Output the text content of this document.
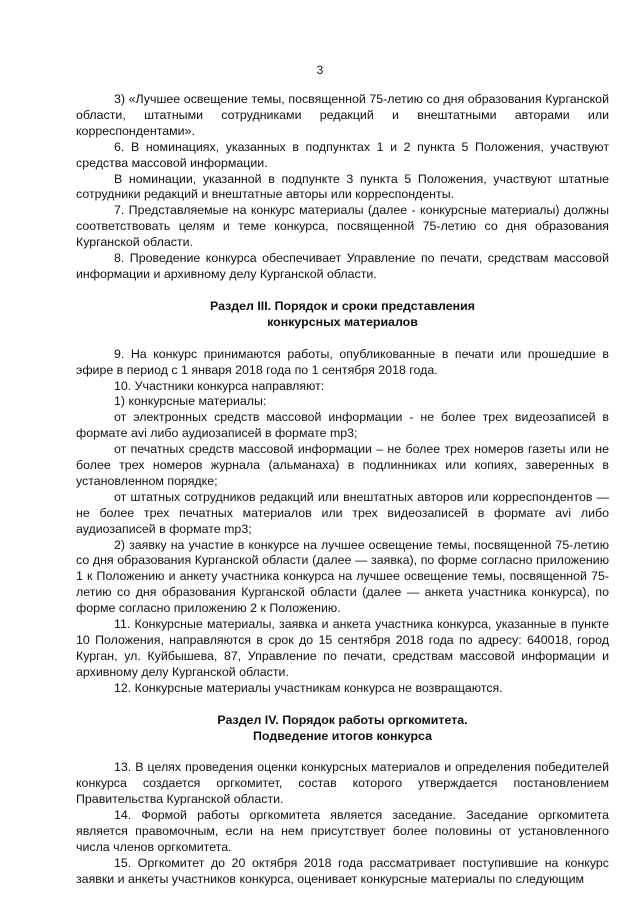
3

3) «Лучшее освещение темы, посвященной 75-летию со дня образования Курганской области, штатными сотрудниками редакций и внештатными авторами или корреспондентами».

6. В номинациях, указанных в подпунктах 1 и 2 пункта 5 Положения, участвуют средства массовой информации.

В номинации, указанной в подпункте 3 пункта 5 Положения, участвуют штатные сотрудники редакций и внештатные авторы или корреспонденты.

7. Представляемые на конкурс материалы (далее - конкурсные материалы) должны соответствовать целям и теме конкурса, посвященной 75-летию со дня образования Курганской области.

8. Проведение конкурса обеспечивает Управление по печати, средствам массовой информации и архивному делу Курганской области.

Раздел III. Порядок и сроки представления
конкурсных материалов

9. На конкурс принимаются работы, опубликованные в печати или прошедшие в эфире в период с 1 января 2018 года по 1 сентября 2018 года.

10. Участники конкурса направляют:

1) конкурсные материалы:

от электронных средств массовой информации - не более трех видеозаписей в формате avi либо аудиозаписей в формате mp3;

от печатных средств массовой информации – не более трех номеров газеты или не более трех номеров журнала (альманаха) в подлинниках или копиях, заверенных в установленном порядке;

от штатных сотрудников редакций или внештатных авторов или корреспондентов — не более трех печатных материалов или трех видеозаписей в формате avi либо аудиозаписей в формате mp3;

2) заявку на участие в конкурсе на лучшее освещение темы, посвященной 75-летию со дня образования Курганской области (далее — заявка), по форме согласно приложению 1 к Положению и анкету участника конкурса на лучшее освещение темы, посвященной 75-летию со дня образования Курганской области (далее — анкета участника конкурса), по форме согласно приложению 2 к Положению.

11. Конкурсные материалы, заявка и анкета участника конкурса, указанные в пункте 10 Положения, направляются в срок до 15 сентября 2018 года по адресу: 640018, город Курган, ул. Куйбышева, 87, Управление по печати, средствам массовой информации и архивному делу Курганской области.

12. Конкурсные материалы участникам конкурса не возвращаются.

Раздел IV. Порядок работы оргкомитета.
Подведение итогов конкурса

13. В целях проведения оценки конкурсных материалов и определения победителей конкурса создается оргкомитет, состав которого утверждается постановлением Правительства Курганской области.

14. Формой работы оргкомитета является заседание. Заседание оргкомитета является правомочным, если на нем присутствует более половины от установленного числа членов оргкомитета.

15. Оргкомитет до 20 октября 2018 года рассматривает поступившие на конкурс заявки и анкеты участников конкурса, оценивает конкурсные материалы по следующим
